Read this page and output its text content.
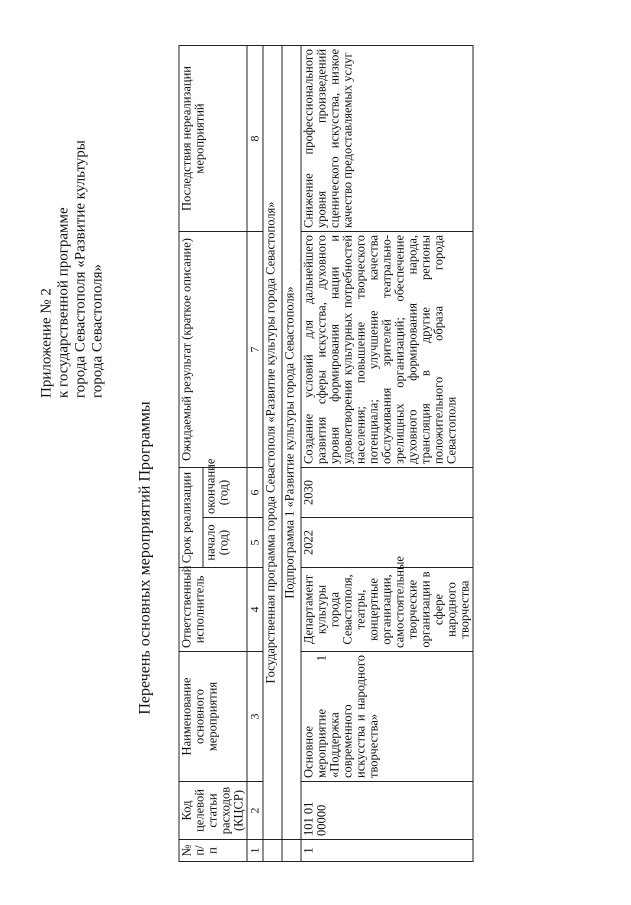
Приложение № 2 к государственной программе города Севастополя «Развитие культуры города Севастополя»
Перечень основных мероприятий Программы
№ п/п	Код целевой статьи расходов (КЦСР)	Наименование основного мероприятия	Ответственный исполнитель	Срок реализации		Ожидаемый результат (краткое описание)	Последствия нереализации мероприятий
				начало (год)	окончание (год)		
1	2	3	4	5	6	7	8
	Государственная программа города Севастополя «Развитие культуры города Севастополя»						
	Подпрограмма 1 «Развитие культуры города Севастополя»						
1	101 01 00000	Основное мероприятие 1 «Поддержка современного искусства и народного творчества»	Департамент культуры города Севастополя, театры, концертные организации, самостоятельные творческие организации в сфере народного творчества	2022	2030	Создание условий для дальнейшего развития сферы искусства, духовного уровня формирования нации и удовлетворения культурных потребностей населения; повышение творческого потенциала; улучшение качества обслуживания зрителей театрально-зрелищных организаций; обеспечение духовного формирования народа, трансляция в другие регионы положительного образа города Севастополя	Снижение профессионального уровня произведений сценического искусства, низкое качество предоставляемых услуг
